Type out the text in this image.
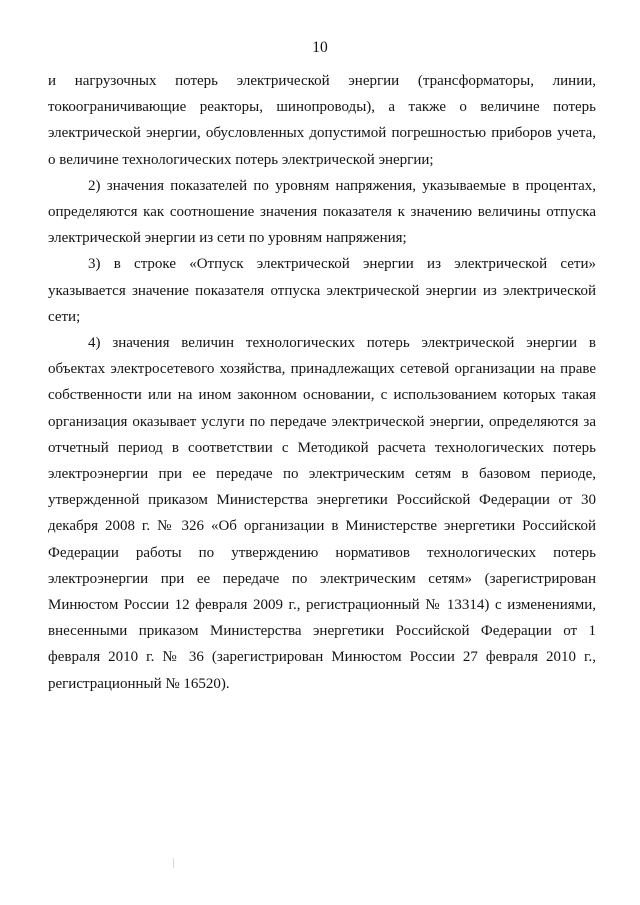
10

и нагрузочных потерь электрической энергии (трансформаторы, линии, токоограничивающие реакторы, шинопроводы), а также о величине потерь электрической энергии, обусловленных допустимой погрешностью приборов учета, о величине технологических потерь электрической энергии;

2) значения показателей по уровням напряжения, указываемые в процентах, определяются как соотношение значения показателя к значению величины отпуска электрической энергии из сети по уровням напряжения;

3) в строке «Отпуск электрической энергии из электрической сети» указывается значение показателя отпуска электрической энергии из электрической сети;

4) значения величин технологических потерь электрической энергии в объектах электросетевого хозяйства, принадлежащих сетевой организации на праве собственности или на ином законном основании, с использованием которых такая организация оказывает услуги по передаче электрической энергии, определяются за отчетный период в соответствии с Методикой расчета технологических потерь электроэнергии при ее передаче по электрическим сетям в базовом периоде, утвержденной приказом Министерства энергетики Российской Федерации от 30 декабря 2008 г. № 326 «Об организации в Министерстве энергетики Российской Федерации работы по утверждению нормативов технологических потерь электроэнергии при ее передаче по электрическим сетям» (зарегистрирован Минюстом России 12 февраля 2009 г., регистрационный № 13314) с изменениями, внесенными приказом Министерства энергетики Российской Федерации от 1 февраля 2010 г. № 36 (зарегистрирован Минюстом России 27 февраля 2010 г., регистрационный № 16520).
